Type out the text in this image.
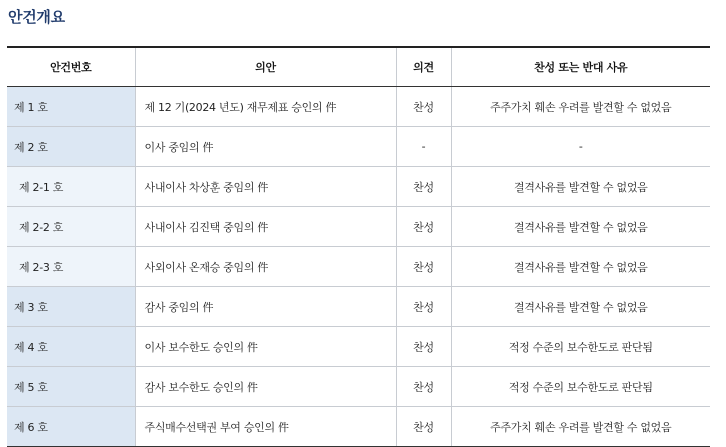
안건개요
안건번호	의안	의견	찬성 또는 반대 사유
제 1 호	제 12 기(2024 년도) 재무제표 승인의 件	찬성	주주가치 훼손 우려를 발견할 수 없었음
제 2 호	이사 중임의 件	-	-
제 2-1 호	사내이사 차상훈 중임의 件	찬성	결격사유를 발견할 수 없었음
제 2-2 호	사내이사 김진택 중임의 件	찬성	결격사유를 발견할 수 없었음
제 2-3 호	사외이사 온재승 중임의 件	찬성	결격사유를 발견할 수 없었음
제 3 호	감사 중임의 件	찬성	결격사유를 발견할 수 없었음
제 4 호	이사 보수한도 승인의 件	찬성	적정 수준의 보수한도로 판단됨
제 5 호	감사 보수한도 승인의 件	찬성	적정 수준의 보수한도로 판단됨
제 6 호	주식매수선택권 부여 승인의 件	찬성	주주가치 훼손 우려를 발견할 수 없었음
